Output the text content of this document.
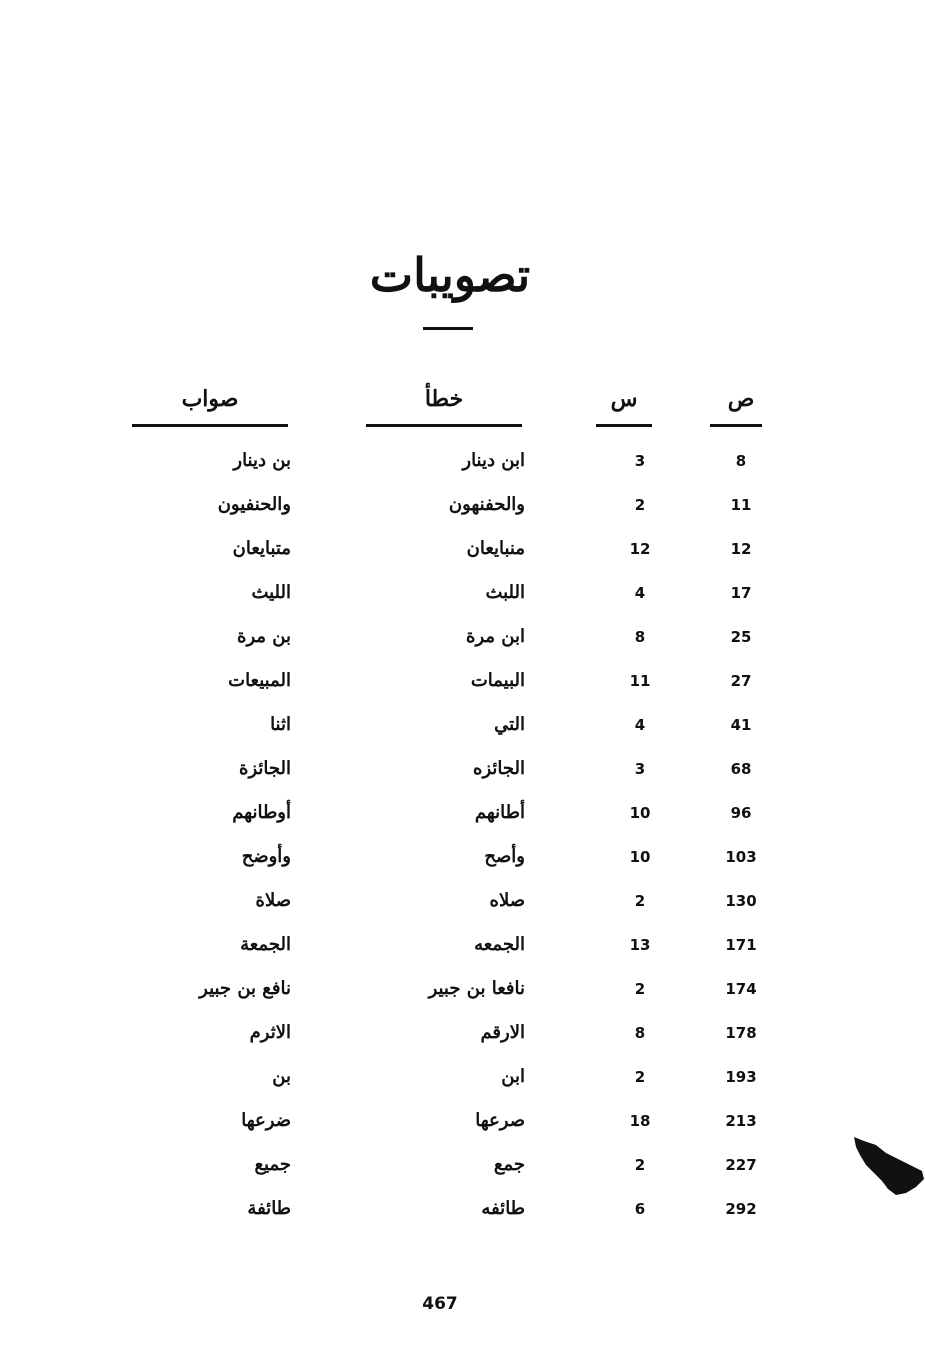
تصويبات
ص
س
خطأ
صواب
8
3
ابن دينار
بن دينار
11
2
والحفنهون
والحنفيون
12
12
منبايعان
متبايعان
17
4
اللبث
الليث
25
8
ابن مرة
بن مرة
27
11
البيمات
المبيعات
41
4
التي
اثنا
68
3
الجائزه
الجائزة
96
10
أطانهم
أوطانهم
103
10
وأصح
وأوضح
130
2
صلاه
صلاة
171
13
الجمعه
الجمعة
174
2
نافعا بن جبير
نافع بن جبير
178
8
الارقم
الاثرم
193
2
ابن
بن
213
18
صرعها
ضرعها
227
2
جمع
جميع
292
6
طائفه
طائفة
467
